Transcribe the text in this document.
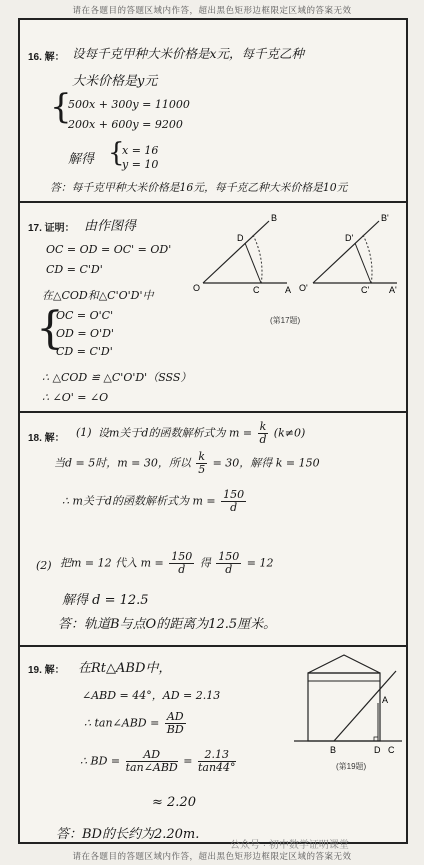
请在各题目的答题区域内作答，超出黑色矩形边框限定区域的答案无效
16. 解： 设每千克甲种大米价格是x元，每千克乙种
大米价格是y元
{
500x + 300y = 11000
200x + 600y = 9200
解得 {
x = 16
y = 10
答：每千克甲种大米价格是16元，每千克乙种大米价格是10元
17. 证明： 由作图得
OC = OD = OC' = OD'
CD = C'D'
在△COD和△C'O'D'中
{
OC = O'C'
OD = O'D'
CD = C'D'
∴ △COD ≌ △C'O'D'（SSS）
∴ ∠O' = ∠O
B
D
O	C	A
B'
D'
O'	C' A'
(第17题)
18. 解： (1) 设m关于d的函数解析式为 $m = \frac{k}{d} (k\ne 0)$
当d = 5时，m = 30，所以 $\frac{k}{5} = 30$，解得 k = 150
∴ m关于d的函数解析式为 $m = \frac{150}{d}$
(2) 把m = 12 代入 $m = \frac{150}{d}$ 得 $\frac{150}{d} = 12$
解得 d = 12.5
答：轨道B与点O的距离为12.5厘米。
19. 解： 在Rt△ABD中，
∠ABD = 44°，AD = 2.13
∴ tan∠ABD = $\frac{AD}{BD}$
∴ BD = $\frac{AD}{\text{tan∠ABD}} = \frac{2.13}{\tan 44^\circ}$
≈ 2.20
答：BD的长约为2.20m.
A
B	D C
(第19题)
公众号 · 初中数学证明课堂
请在各题目的答题区域内作答，超出黑色矩形边框限定区域的答案无效
